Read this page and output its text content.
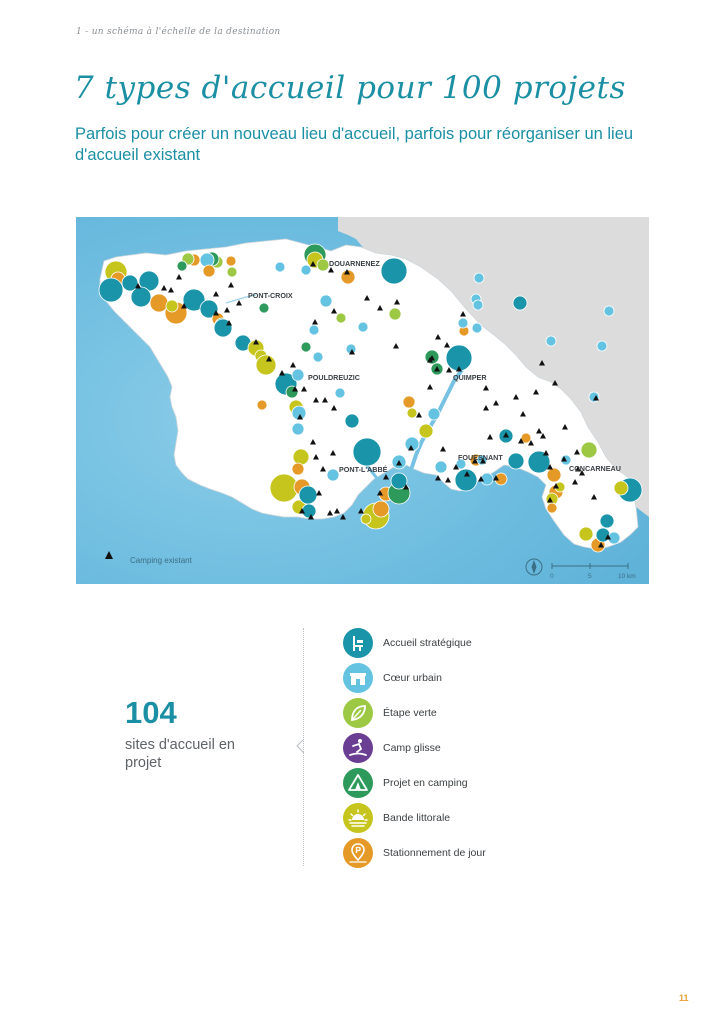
1 - un schéma à l'échelle de la destination
7 types d'accueil pour 100 projets

Parfois pour créer un nouveau lieu d'accueil, parfois pour réorganiser un lieu d'accueil existant

DOUARNENEZ
PONT-CROIX
POULDREUZIC	QUIMPER
PONT-L'ABBÉ
FOUESNANT
CONCARNEAU
Camping existant
0	5	10 km
104
sites d'accueil en projet
Accueil stratégique
Cœur urbain
Étape verte
Camp glisse
Projet en camping
Bande littorale
Stationnement de jour
11
